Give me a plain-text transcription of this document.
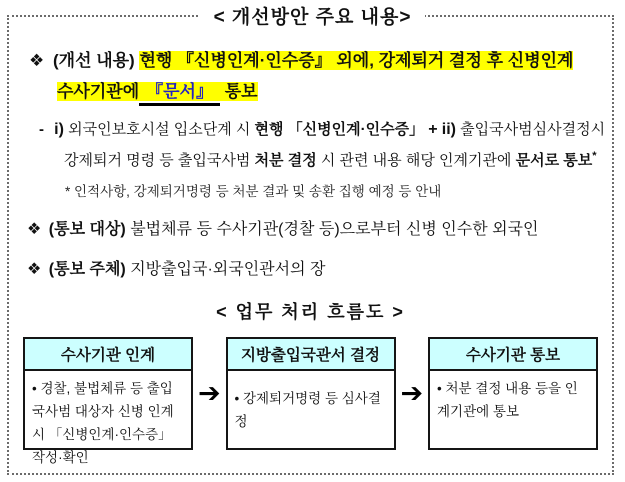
< 개선방안 주요 내용>
❖ (개선 내용) 현행 『신병인계·인수증』 외에, 강제퇴거 결정 후 신병인계
수사기관에 『문서』 통보
- i) 외국인보호시설 입소단계 시 현행 「신병인계·인수증」 + ii) 출입국사범심사결정시
강제퇴거 명령 등 출입국사범 처분 결정 시 관련 내용 해당 인계기관에 문서로 통보*
* 인적사항, 강제퇴거명령 등 처분 결과 및 송환 집행 예정 등 안내
❖ (통보 대상) 불법체류 등 수사기관(경찰 등)으로부터 신병 인수한 외국인
❖ (통보 주체) 지방출입국·외국인관서의 장
< 업무 처리 흐름도 >
수사기관 인계
• 경찰, 불법체류 등 출입국사범 대상자 신병 인계시 「신병인계·인수증」 작성·확인
➔
지방출입국관서 결정
• 강제퇴거명령 등 심사결정
➔
수사기관 통보
• 처분 결정 내용 등을 인계기관에 통보
